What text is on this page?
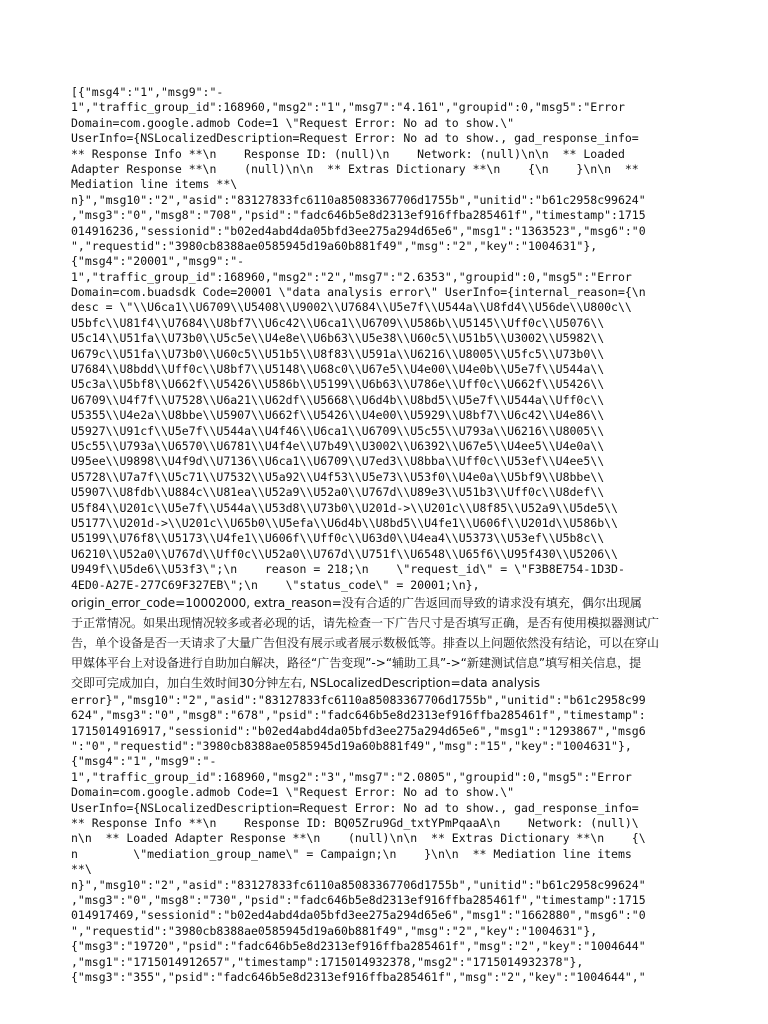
[{"msg4":"1","msg9":"-
1","traffic_group_id":168960,"msg2":"1","msg7":"4.161","groupid":0,"msg5":"Error
Domain=com.google.admob Code=1 \"Request Error: No ad to show.\"
UserInfo={NSLocalizedDescription=Request Error: No ad to show., gad_response_info=
** Response Info **\n    Response ID: (null)\n    Network: (null)\n\n  ** Loaded
Adapter Response **\n    (null)\n\n  ** Extras Dictionary **\n    {\n    }\n\n  **
Mediation line items **\
n}","msg10":"2","asid":"83127833fc6110a85083367706d1755b","unitid":"b61c2958c99624"
,"msg3":"0","msg8":"708","psid":"fadc646b5e8d2313ef916ffba285461f","timestamp":1715
014916236,"sessionid":"b02ed4abd4da05bfd3ee275a294d65e6","msg1":"1363523","msg6":"0
","requestid":"3980cb8388ae0585945d19a60b881f49","msg":"2","key":"1004631"},
{"msg4":"20001","msg9":"-
1","traffic_group_id":168960,"msg2":"2","msg7":"2.6353","groupid":0,"msg5":"Error
Domain=com.buadsdk Code=20001 \"data analysis error\" UserInfo={internal_reason={\n
desc = \"\\U6ca1\\U6709\\U5408\\U9002\\U7684\\U5e7f\\U544a\\U8fd4\\U56de\\U800c\\
U5bfc\\U81f4\\U7684\\U8bf7\\U6c42\\U6ca1\\U6709\\U586b\\U5145\\Uff0c\\U5076\\
U5c14\\U51fa\\U73b0\\U5c5e\\U4e8e\\U6b63\\U5e38\\U60c5\\U51b5\\U3002\\U5982\\
U679c\\U51fa\\U73b0\\U60c5\\U51b5\\U8f83\\U591a\\U6216\\U8005\\U5fc5\\U73b0\\
U7684\\U8bdd\\Uff0c\\U8bf7\\U5148\\U68c0\\U67e5\\U4e00\\U4e0b\\U5e7f\\U544a\\
U5c3a\\U5bf8\\U662f\\U5426\\U586b\\U5199\\U6b63\\U786e\\Uff0c\\U662f\\U5426\\
U6709\\U4f7f\\U7528\\U6a21\\U62df\\U5668\\U6d4b\\U8bd5\\U5e7f\\U544a\\Uff0c\\
U5355\\U4e2a\\U8bbe\\U5907\\U662f\\U5426\\U4e00\\U5929\\U8bf7\\U6c42\\U4e86\\
U5927\\U91cf\\U5e7f\\U544a\\U4f46\\U6ca1\\U6709\\U5c55\\U793a\\U6216\\U8005\\
U5c55\\U793a\\U6570\\U6781\\U4f4e\\U7b49\\U3002\\U6392\\U67e5\\U4ee5\\U4e0a\\
U95ee\\U9898\\U4f9d\\U7136\\U6ca1\\U6709\\U7ed3\\U8bba\\Uff0c\\U53ef\\U4ee5\\
U5728\\U7a7f\\U5c71\\U7532\\U5a92\\U4f53\\U5e73\\U53f0\\U4e0a\\U5bf9\\U8bbe\\
U5907\\U8fdb\\U884c\\U81ea\\U52a9\\U52a0\\U767d\\U89e3\\U51b3\\Uff0c\\U8def\\
U5f84\\U201c\\U5e7f\\U544a\\U53d8\\U73b0\\U201d->\\U201c\\U8f85\\U52a9\\U5de5\\
U5177\\U201d->\\U201c\\U65b0\\U5efa\\U6d4b\\U8bd5\\U4fe1\\U606f\\U201d\\U586b\\
U5199\\U76f8\\U5173\\U4fe1\\U606f\\Uff0c\\U63d0\\U4ea4\\U5373\\U53ef\\U5b8c\\
U6210\\U52a0\\U767d\\Uff0c\\U52a0\\U767d\\U751f\\U6548\\U65f6\\U95f430\\U5206\\
U949f\\U5de6\\U53f3\";\n    reason = 218;\n    \"request_id\" = \"F3B8E754-1D3D-
4ED0-A27E-277C69F327EB\";\n    \"status_code\" = 20001;\n},
origin_error_code=10002000, extra_reason=没有合适的广告返回而导致的请求没有填充，偶尔出现属
于正常情况。如果出现情况较多或者必现的话，请先检查一下广告尺寸是否填写正确，是否有使用模拟器测试广
告，单个设备是否一天请求了大量广告但没有展示或者展示数极低等。排查以上问题依然没有结论，可以在穿山
甲媒体平台上对设备进行自助加白解决，路径“广告变现”->“辅助工具”->“新建测试信息”填写相关信息，提
交即可完成加白，加白生效时间30分钟左右, NSLocalizedDescription=data analysis
error}","msg10":"2","asid":"83127833fc6110a85083367706d1755b","unitid":"b61c2958c99
624","msg3":"0","msg8":"678","psid":"fadc646b5e8d2313ef916ffba285461f","timestamp":
1715014916917,"sessionid":"b02ed4abd4da05bfd3ee275a294d65e6","msg1":"1293867","msg6
":"0","requestid":"3980cb8388ae0585945d19a60b881f49","msg":"15","key":"1004631"},
{"msg4":"1","msg9":"-
1","traffic_group_id":168960,"msg2":"3","msg7":"2.0805","groupid":0,"msg5":"Error
Domain=com.google.admob Code=1 \"Request Error: No ad to show.\"
UserInfo={NSLocalizedDescription=Request Error: No ad to show., gad_response_info=
** Response Info **\n    Response ID: BQ05Zru9Gd_txtYPmPqaaA\n    Network: (null)\
n\n  ** Loaded Adapter Response **\n    (null)\n\n  ** Extras Dictionary **\n    {\
n        \"mediation_group_name\" = Campaign;\n    }\n\n  ** Mediation line items
**\
n}","msg10":"2","asid":"83127833fc6110a85083367706d1755b","unitid":"b61c2958c99624"
,"msg3":"0","msg8":"730","psid":"fadc646b5e8d2313ef916ffba285461f","timestamp":1715
014917469,"sessionid":"b02ed4abd4da05bfd3ee275a294d65e6","msg1":"1662880","msg6":"0
","requestid":"3980cb8388ae0585945d19a60b881f49","msg":"2","key":"1004631"},
{"msg3":"19720","psid":"fadc646b5e8d2313ef916ffba285461f","msg":"2","key":"1004644"
,"msg1":"1715014912657","timestamp":1715014932378,"msg2":"1715014932378"},
{"msg3":"355","psid":"fadc646b5e8d2313ef916ffba285461f","msg":"2","key":"1004644","
